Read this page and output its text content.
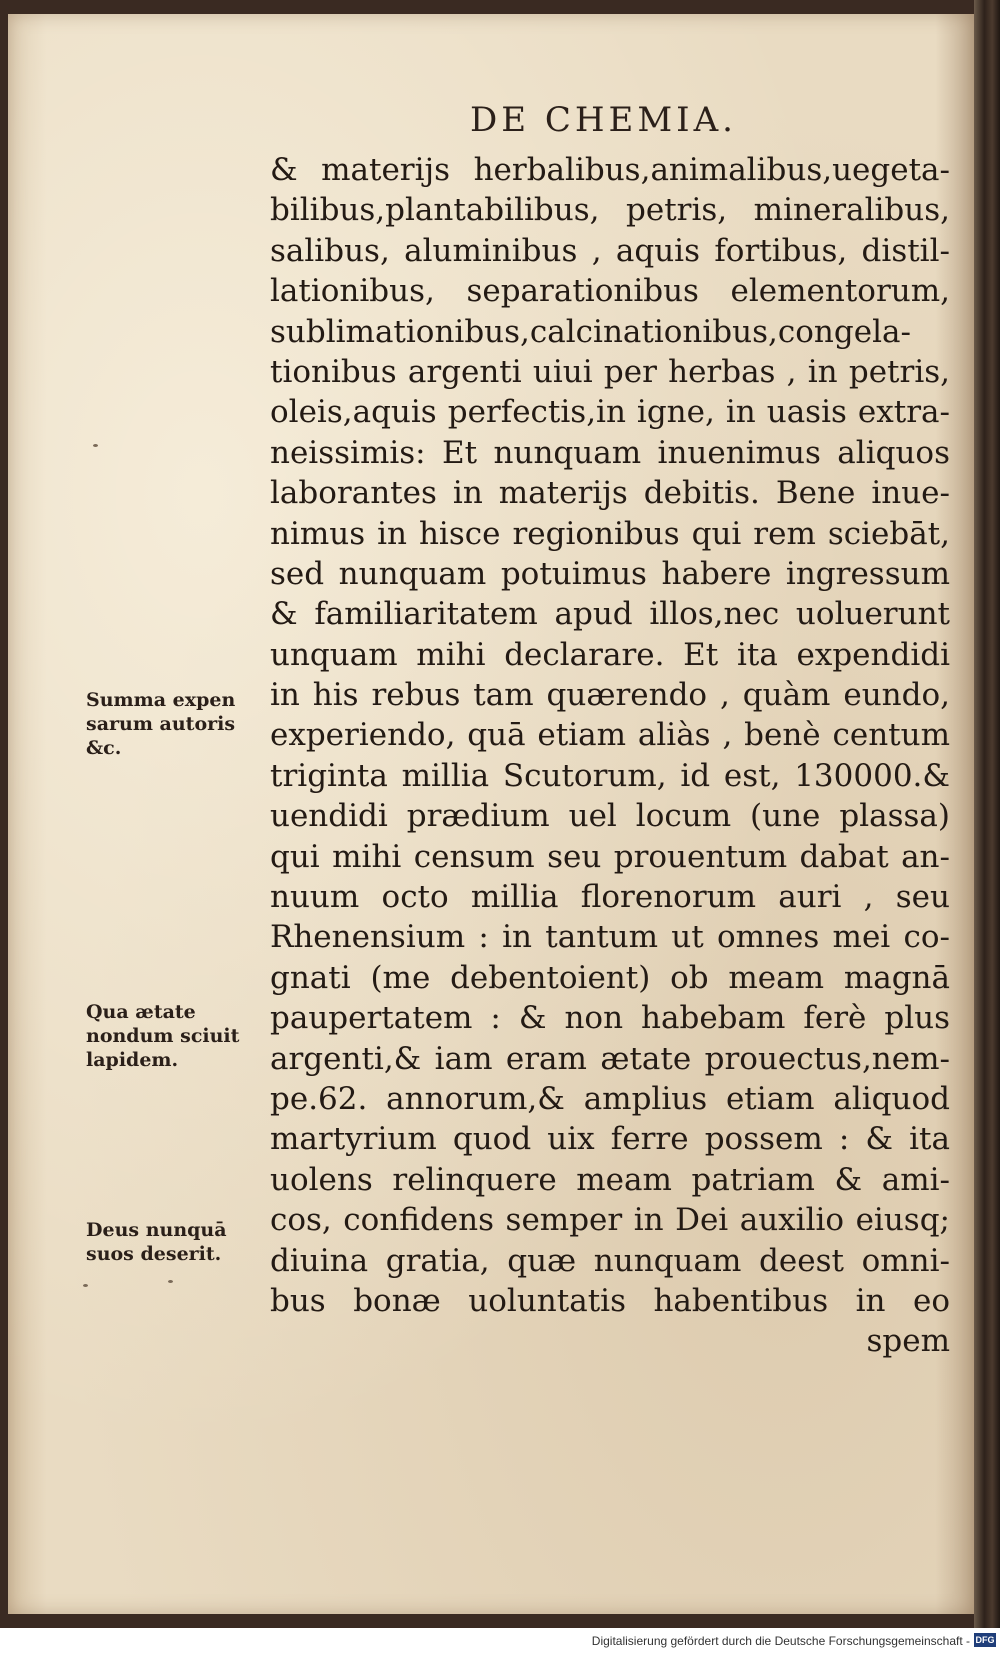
DE CHEMIA.
& materijs herbalibus,animalibus,uegeta-
bilibus,plantabilibus, petris, mineralibus,
salibus, aluminibus , aquis fortibus, distil-
lationibus, separationibus elementorum,
sublimationibus,calcinationibus,congela-
tionibus argenti uiui per herbas , in petris,
oleis,aquis perfectis,in igne, in uasis extra-
neissimis: Et nunquam inuenimus aliquos
laborantes in materijs debitis. Bene inue-
nimus in hisce regionibus qui rem sciebāt,
sed nunquam potuimus habere ingressum
& familiaritatem apud illos,nec uoluerunt
unquam mihi declarare. Et ita expendidi
in his rebus tam quærendo , quàm eundo,
experiendo, quā etiam aliàs , benè centum
triginta millia Scutorum, id est, 130000.&
uendidi prædium uel locum (une plassa)
qui mihi censum seu prouentum dabat an-
nuum octo millia florenorum auri , seu
Rhenensium : in tantum ut omnes mei co-
gnati (me debentoient) ob meam magnā
paupertatem : & non habebam ferè plus
argenti,& iam eram ætate prouectus,nem-
pe.62. annorum,& amplius etiam aliquod
martyrium quod uix ferre possem : & ita
uolens relinquere meam patriam & ami-
cos, confidens semper in Dei auxilio eiusq;
diuina gratia, quæ nunquam deest omni-
bus bonæ uoluntatis habentibus in eo
spem
Summa expen
sarum autoris
&c.
Qua ætate
nondum sciuit
lapidem.
Deus nunquā
suos deserit.
Digitalisierung gefördert durch die Deutsche Forschungsgemeinschaft - DFG
